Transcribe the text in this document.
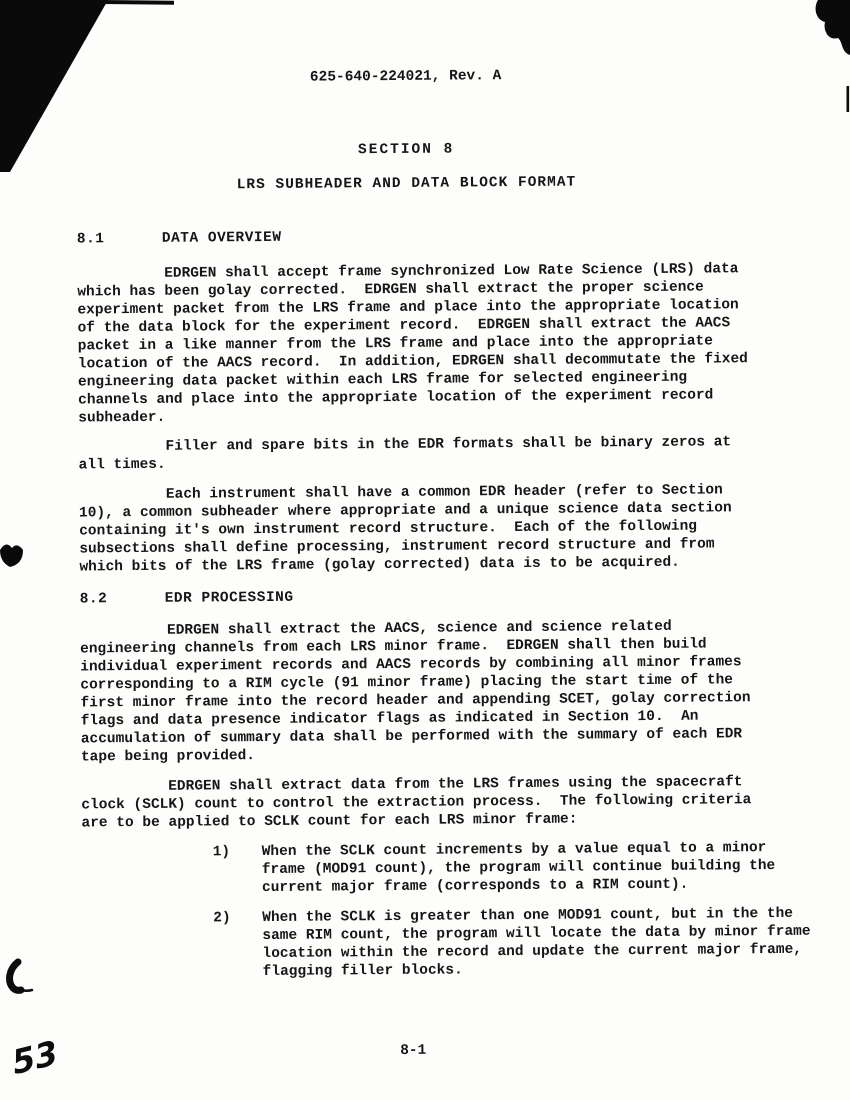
625-640-224021, Rev. A
SECTION 8
LRS SUBHEADER AND DATA BLOCK FORMAT
8.1	DATA OVERVIEW
EDRGEN shall accept frame synchronized Low Rate Science (LRS) data
which has been golay corrected.  EDRGEN shall extract the proper science
experiment packet from the LRS frame and place into the appropriate location
of the data block for the experiment record.  EDRGEN shall extract the AACS
packet in a like manner from the LRS frame and place into the appropriate
location of the AACS record.  In addition, EDRGEN shall decommutate the fixed
engineering data packet within each LRS frame for selected engineering
channels and place into the appropriate location of the experiment record
subheader.
Filler and spare bits in the EDR formats shall be binary zeros at
all times.
Each instrument shall have a common EDR header (refer to Section
10), a common subheader where appropriate and a unique science data section
containing it's own instrument record structure.  Each of the following
subsections shall define processing, instrument record structure and from
which bits of the LRS frame (golay corrected) data is to be acquired.
8.2	EDR PROCESSING
EDRGEN shall extract the AACS, science and science related
engineering channels from each LRS minor frame.  EDRGEN shall then build
individual experiment records and AACS records by combining all minor frames
corresponding to a RIM cycle (91 minor frame) placing the start time of the
first minor frame into the record header and appending SCET, golay correction
flags and data presence indicator flags as indicated in Section 10.  An
accumulation of summary data shall be performed with the summary of each EDR
tape being provided.
EDRGEN shall extract data from the LRS frames using the spacecraft
clock (SCLK) count to control the extraction process.  The following criteria
are to be applied to SCLK count for each LRS minor frame:
1)	When the SCLK count increments by a value equal to a minor
frame (MOD91 count), the program will continue building the
current major frame (corresponds to a RIM count).
2)	When the SCLK is greater than one MOD91 count, but in the the
same RIM count, the program will locate the data by minor frame
location within the record and update the current major frame,
flagging filler blocks.
8-1
53
